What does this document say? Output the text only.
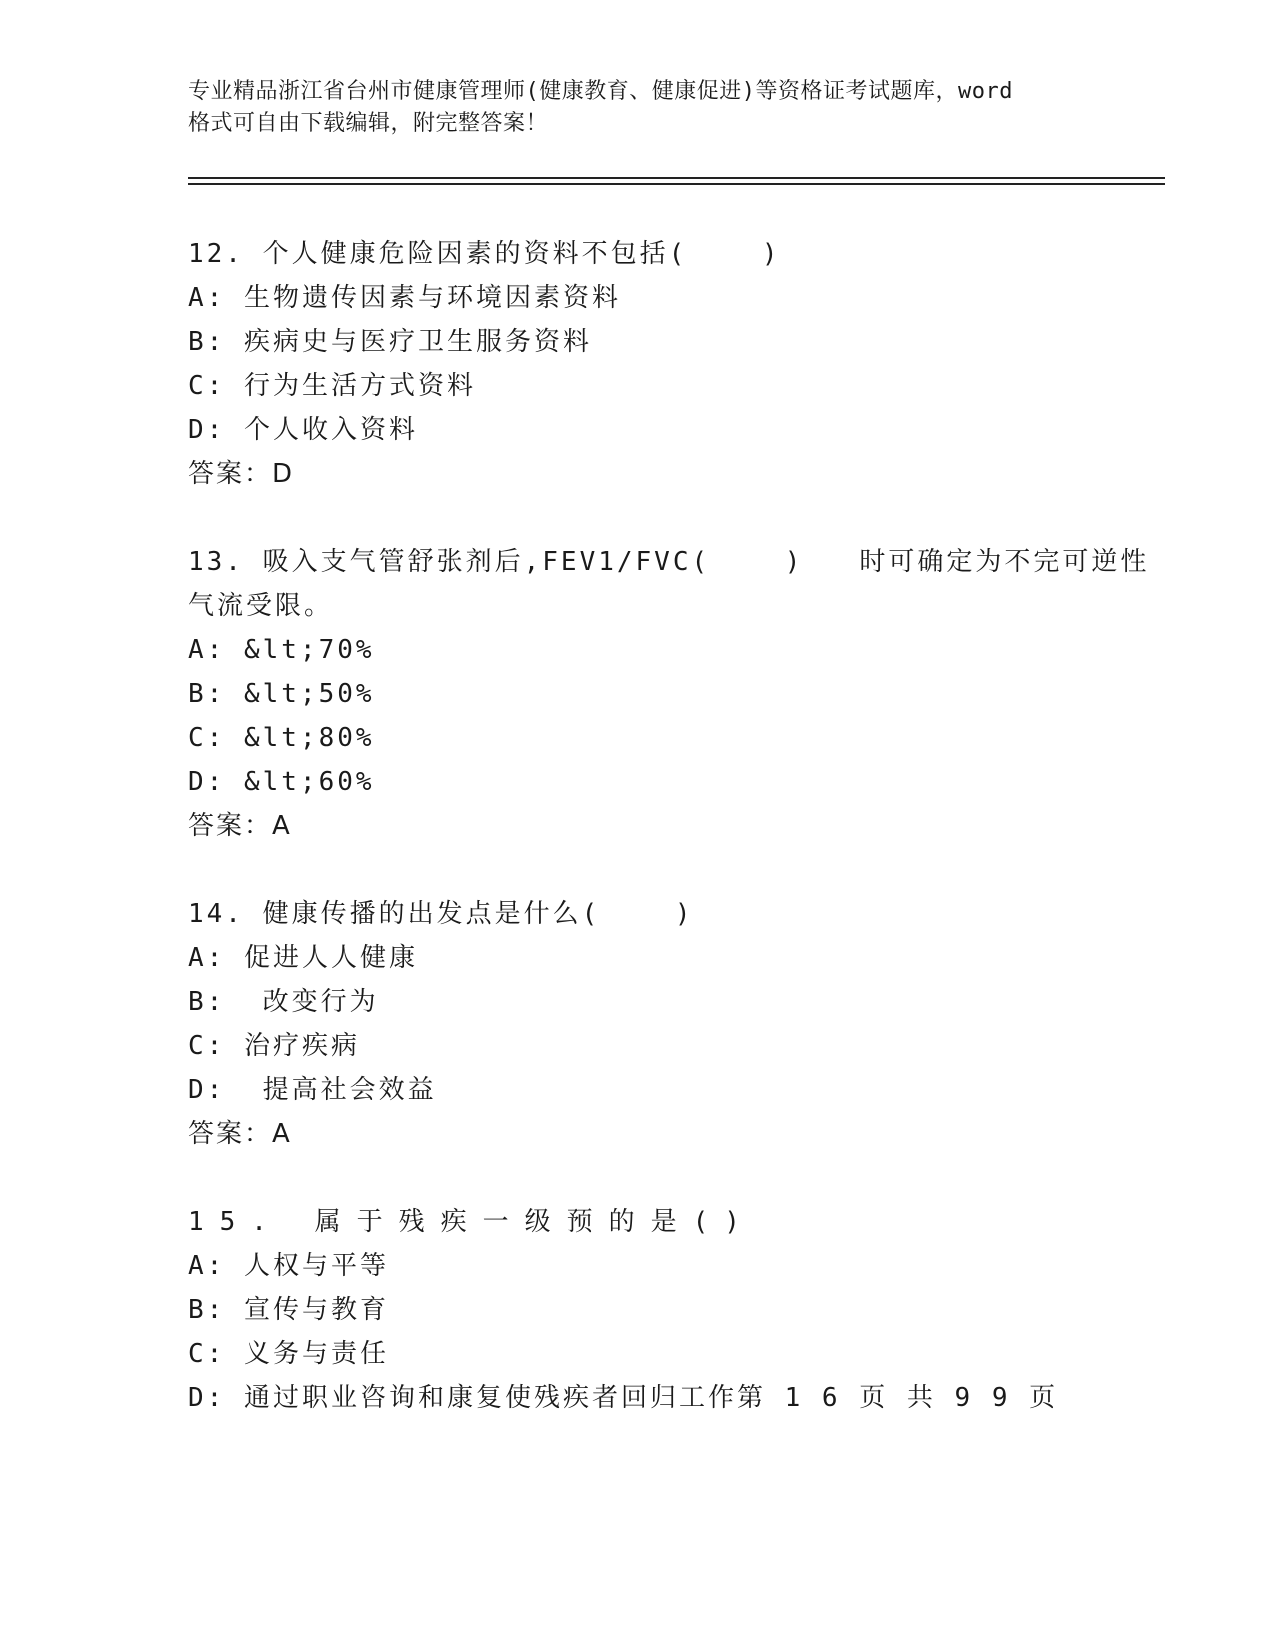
专业精品浙江省台州市健康管理师(健康教育、健康促进)等资格证考试题库，word
格式可自由下载编辑，附完整答案！
12. 个人健康危险因素的资料不包括(    )
A: 生物遗传因素与环境因素资料
B: 疾病史与医疗卫生服务资料
C: 行为生活方式资料
D: 个人收入资料
答案：D
13. 吸入支气管舒张剂后,FEV1/FVC(    )   时可确定为不完可逆性
气流受限。
A: &lt;70%
B: &lt;50%
C: &lt;80%
D: &lt;60%
答案：A
14. 健康传播的出发点是什么(    )
A: 促进人人健康
B:  改变行为
C: 治疗疾病
D:  提高社会效益
答案：A
15. 属于残疾一级预的是()
A: 人权与平等
B: 宣传与教育
C: 义务与责任
D: 通过职业咨询和康复使残疾者回归工作第 1 6 页 共 9 9 页
